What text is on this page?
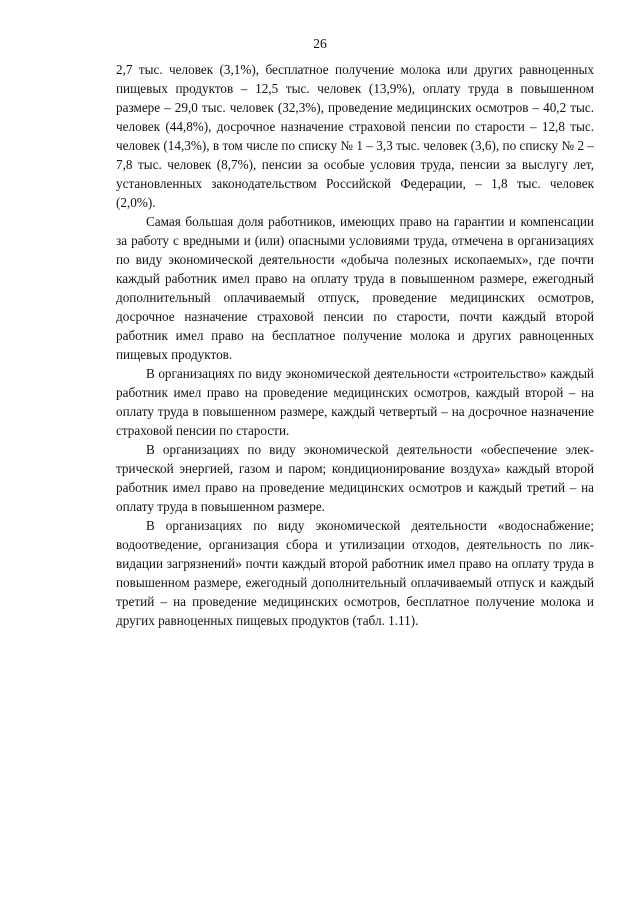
26

2,7 тыс. человек (3,1%), бесплатное получение молока или других равноценных пищевых продуктов – 12,5 тыс. человек (13,9%), оплату труда в повышенном размере – 29,0 тыс. человек (32,3%), проведение медицинских осмотров – 40,2 тыс. человек (44,8%), досрочное назначение страховой пенсии по старости – 12,8 тыс. человек (14,3%), в том числе по списку № 1 – 3,3 тыс. человек (3,6), по списку № 2 – 7,8 тыс. человек (8,7%), пенсии за особые условия труда, пенсии за выслугу лет, установленных законодательством Российской Федерации, – 1,8 тыс. человек (2,0%).

Самая большая доля работников, имеющих право на гарантии и компенсации за работу с вредными и (или) опасными условиями труда, отмечена в организациях по виду экономической деятельности «добыча полезных ископаемых», где почти каждый работник имел право на оплату труда в повышенном размере, ежегодный дополнительный оплачиваемый отпуск, проведение медицинских осмотров, досрочное назначение страховой пенсии по старости, почти каждый второй работник имел право на бесплатное получение молока и других равноценных пищевых продуктов.

В организациях по виду экономической деятельности «строительство» каждый работник имел право на проведение медицинских осмотров, каждый второй – на оплату труда в повышенном размере, каждый четвертый – на досрочное назначение страховой пенсии по старости.

В организациях по виду экономической деятельности «обеспечение электрической энергией, газом и паром; кондиционирование воздуха» каждый второй работник имел право на проведение медицинских осмотров и каждый третий – на оплату труда в повышенном размере.

В организациях по виду экономической деятельности «водоснабжение; водоотведение, организация сбора и утилизации отходов, деятельность по ликвидации загрязнений» почти каждый второй работник имел право на оплату труда в повышенном размере, ежегодный дополнительный оплачиваемый отпуск и каждый третий – на проведение медицинских осмотров, бесплатное получение молока и других равноценных пищевых продуктов (табл. 1.11).
